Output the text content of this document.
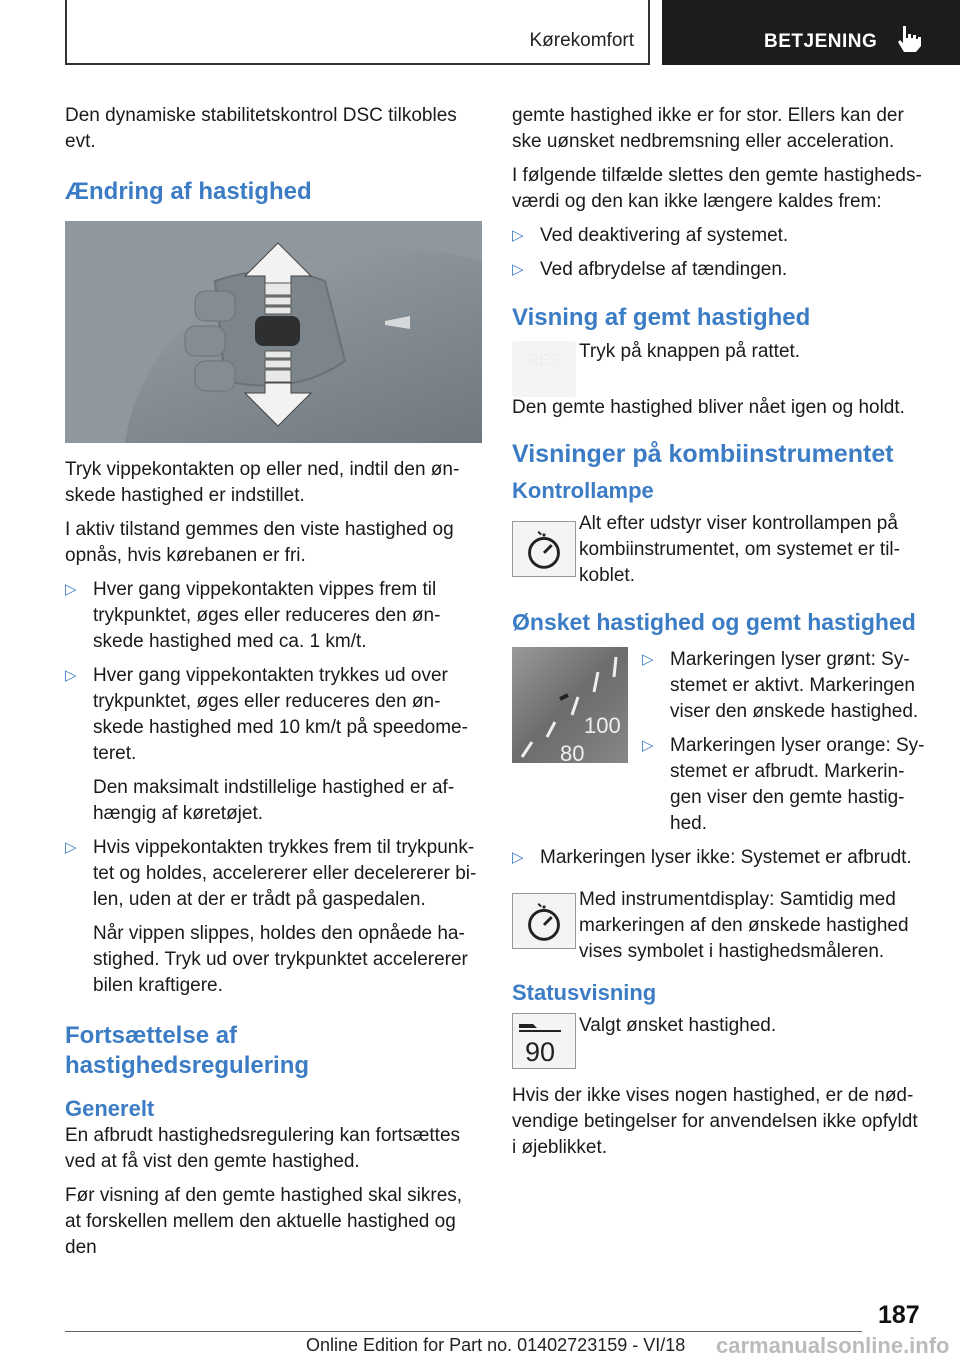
Kørekomfort	BETJENING

Den dynamiske stabilitetskontrol DSC tilkobles evt.

Ændring af hastighed

Tryk vippekontakten op eller ned, indtil den ønskede hastighed er indstillet.

I aktiv tilstand gemmes den viste hastighed og opnås, hvis kørebanen er fri.

▷ Hver gang vippekontakten vippes frem til trykpunktet, øges eller reduceres den ønskede hastighed med ca. 1 km/t.
▷ Hver gang vippekontakten trykkes ud over trykpunktet, øges eller reduceres den ønskede hastighed med 10 km/t på speedometeret.
Den maksimalt indstillelige hastighed er afhængig af køretøjet.
▷ Hvis vippekontakten trykkes frem til trykpunktet og holdes, accelererer eller decelererer bilen, uden at der er trådt på gaspedalen.
Når vippen slippes, holdes den opnåede hastighed. Tryk ud over trykpunktet accelererer bilen kraftigere.
Fortsættelse af hastighedsregulering
Generelt

En afbrudt hastighedsregulering kan fortsættes ved at få vist den gemte hastighed.

Før visning af den gemte hastighed skal sikres, at forskellen mellem den aktuelle hastighed og den

gemte hastighed ikke er for stor. Ellers kan der ske uønsket nedbremsning eller acceleration.

I følgende tilfælde slettes den gemte hastighedsværdi og den kan ikke længere kaldes frem:

▷ Ved deaktivering af systemet.
▷ Ved afbrydelse af tændingen.
Visning af gemt hastighed
RES Tryk på knappen på rattet.

Den gemte hastighed bliver nået igen og holdt.

Visninger på kombiinstrumentet
Kontrollampe

Alt efter udstyr viser kontrollampen på kombiinstrumentet, om systemet er tilkoblet.

Ønsket hastighed og gemt hastighed
100
80
▷ Markeringen lyser grønt: Systemet er aktivt. Markeringen viser den ønskede hastighed.
▷ Markeringen lyser orange: Systemet er afbrudt. Markeringen viser den gemte hastighed.
▷ Markeringen lyser ikke: Systemet er afbrudt.

Med instrumentdisplay: Samtidig med markeringen af den ønskede hastighed vises symbolet i hastighedsmåleren.

Statusvisning
90

Valgt ønsket hastighed.

Hvis der ikke vises nogen hastighed, er de nødvendige betingelser for anvendelsen ikke opfyldt i øjeblikket.

187
Online Edition for Part no. 01402723159 - VI/18 carmanualsonline.info
